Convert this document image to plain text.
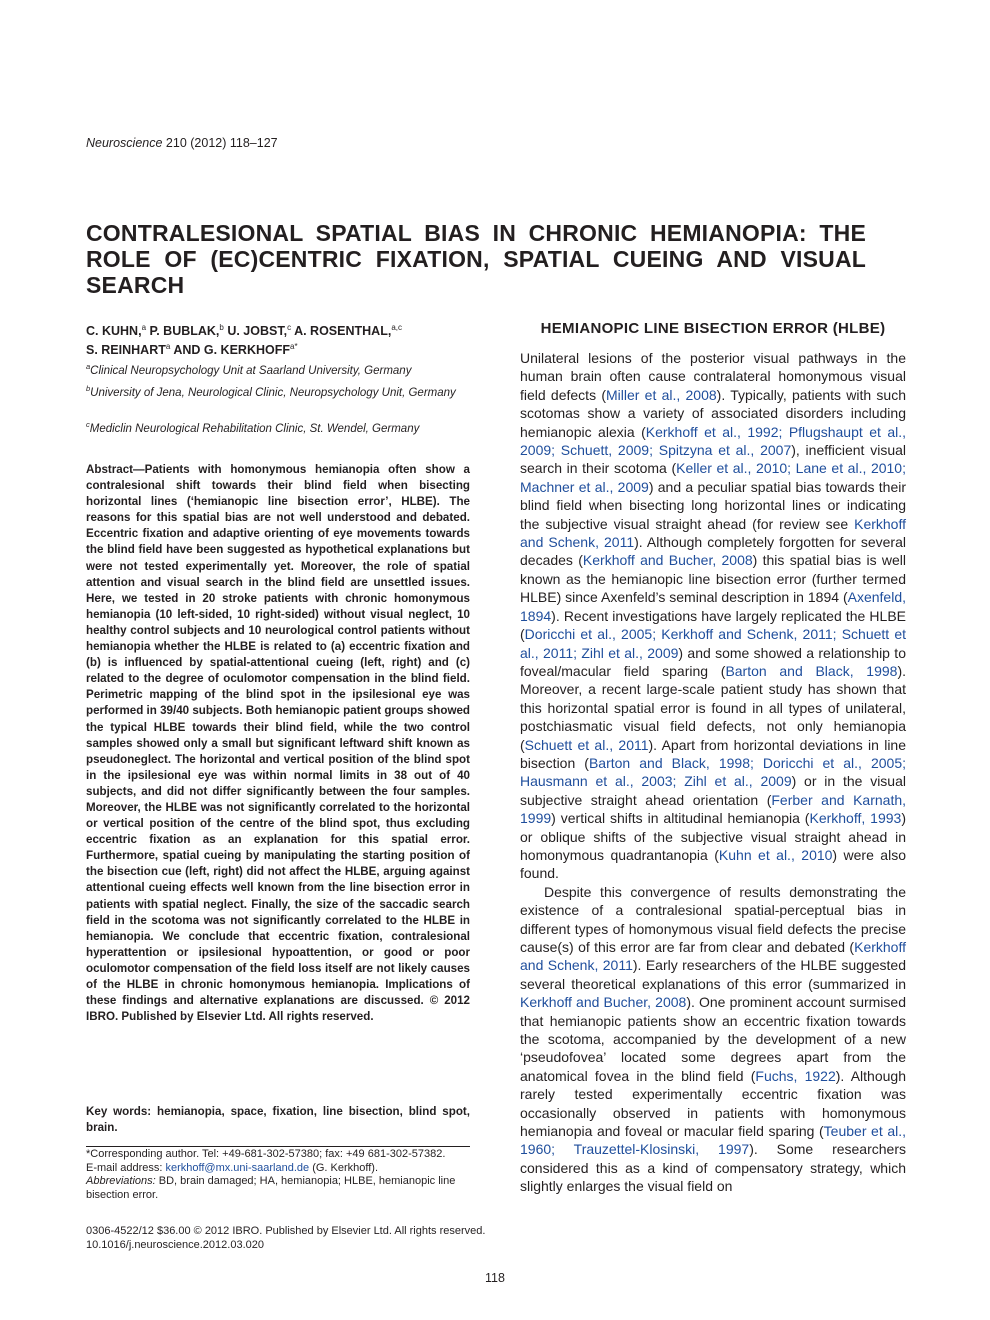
Neuroscience 210 (2012) 118–127
CONTRALESIONAL SPATIAL BIAS IN CHRONIC HEMIANOPIA: THE ROLE OF (EC)CENTRIC FIXATION, SPATIAL CUEING AND VISUAL SEARCH
C. KUHN,$^a$ P. BUBLAK,$^b$ U. JOBST,$^c$ A. ROSENTHAL,$^{a,c}$
S. REINHART$^a$ AND G. $KERKHOFF^{a*}$
$^a$Clinical Neuropsychology Unit at Saarland University, Germany
$^b$University of Jena, Neurological Clinic, Neuropsychology Unit, Germany
$^c$Mediclin Neurological Rehabilitation Clinic, St. Wendel, Germany
Abstract—Patients with homonymous hemianopia often show a contralesional shift towards their blind field when bisecting horizontal lines (‘hemianopic line bisection error’, HLBE). The reasons for this spatial bias are not well understood and debated. Eccentric fixation and adaptive orienting of eye movements towards the blind field have been suggested as hypothetical explanations but were not tested experimentally yet. Moreover, the role of spatial attention and visual search in the blind field are unsettled issues. Here, we tested in 20 stroke patients with chronic homonymous hemianopia (10 left-sided, 10 right-sided) without visual neglect, 10 healthy control subjects and 10 neurological control patients without hemianopia whether the HLBE is related to (a) eccentric fixation and (b) is influenced by spatial-attentional cueing (left, right) and (c) related to the degree of oculomotor compensation in the blind field. Perimetric mapping of the blind spot in the ipsilesional eye was performed in 39/40 subjects. Both hemianopic patient groups showed the typical HLBE towards their blind field, while the two control samples showed only a small but significant leftward shift known as pseudoneglect. The horizontal and vertical position of the blind spot in the ipsilesional eye was within normal limits in 38 out of 40 subjects, and did not differ significantly between the four samples. Moreover, the HLBE was not significantly correlated to the horizontal or vertical position of the centre of the blind spot, thus excluding eccentric fixation as an explanation for this spatial error. Furthermore, spatial cueing by manipulating the starting position of the bisection cue (left, right) did not affect the HLBE, arguing against attentional cueing effects well known from the line bisection error in patients with spatial neglect. Finally, the size of the saccadic search field in the scotoma was not significantly correlated to the HLBE in hemianopia. We conclude that eccentric fixation, contralesional hyperattention or ipsilesional hypoattention, or good or poor oculomotor compensation of the field loss itself are not likely causes of the HLBE in chronic homonymous hemianopia. Implications of these findings and alternative explanations are discussed. © 2012 IBRO. Published by Elsevier Ltd. All rights reserved.
Key words: hemianopia, space, fixation, line bisection, blind spot, brain.
*Corresponding author. Tel: +49-681-302-57380; fax: +49 681-302-57382.
E-mail address: kerkhoff@mx.uni-saarland.de (G. Kerkhoff).
Abbreviations: BD, brain damaged; HA, hemianopia; HLBE, hemianopic line bisection error.
0306-4522/12 $36.00 © 2012 IBRO. Published by Elsevier Ltd. All rights reserved.
10.1016/j.neuroscience.2012.03.020
118
HEMIANOPIC LINE BISECTION ERROR (HLBE)

Unilateral lesions of the posterior visual pathways in the human brain often cause contralateral homonymous visual field defects (Miller et al., 2008). Typically, patients with such scotomas show a variety of associated disorders including hemianopic alexia (Kerkhoff et al., 1992; Pflugshaupt et al., 2009; Schuett, 2009; Spitzyna et al., 2007), inefficient visual search in their scotoma (Keller et al., 2010; Lane et al., 2010; Machner et al., 2009) and a peculiar spatial bias towards their blind field when bisecting long horizontal lines or indicating the subjective visual straight ahead (for review see Kerkhoff and Schenk, 2011). Although completely forgotten for several decades (Kerkhoff and Bucher, 2008) this spatial bias is well known as the hemianopic line bisection error (further termed HLBE) since Axenfeld’s seminal description in 1894 (Axenfeld, 1894). Recent investigations have largely replicated the HLBE (Doricchi et al., 2005; Kerkhoff and Schenk, 2011; Schuett et al., 2011; Zihl et al., 2009) and some showed a relationship to foveal/macular field sparing (Barton and Black, 1998). Moreover, a recent large-scale patient study has shown that this horizontal spatial error is found in all types of unilateral, postchiasmatic visual field defects, not only hemianopia (Schuett et al., 2011). Apart from horizontal deviations in line bisection (Barton and Black, 1998; Doricchi et al., 2005; Hausmann et al., 2003; Zihl et al., 2009) or in the visual subjective straight ahead orientation (Ferber and Karnath, 1999) vertical shifts in altitudinal hemianopia (Kerkhoff, 1993) or oblique shifts of the subjective visual straight ahead in homonymous quadrantanopia (Kuhn et al., 2010) were also found.

Despite this convergence of results demonstrating the existence of a contralesional spatial-perceptual bias in different types of homonymous visual field defects the precise cause(s) of this error are far from clear and debated (Kerkhoff and Schenk, 2011). Early researchers of the HLBE suggested several theoretical explanations of this error (summarized in Kerkhoff and Bucher, 2008). One prominent account surmised that hemianopic patients show an eccentric fixation towards the scotoma, accompanied by the development of a new ‘pseudofovea’ located some degrees apart from the anatomical fovea in the blind field (Fuchs, 1922). Although rarely tested experimentally eccentric fixation was occasionally observed in patients with homonymous hemianopia and foveal or macular field sparing (Teuber et al., 1960; Trauzettel-Klosinski, 1997). Some researchers considered this as a kind of compensatory strategy, which slightly enlarges the visual field on
